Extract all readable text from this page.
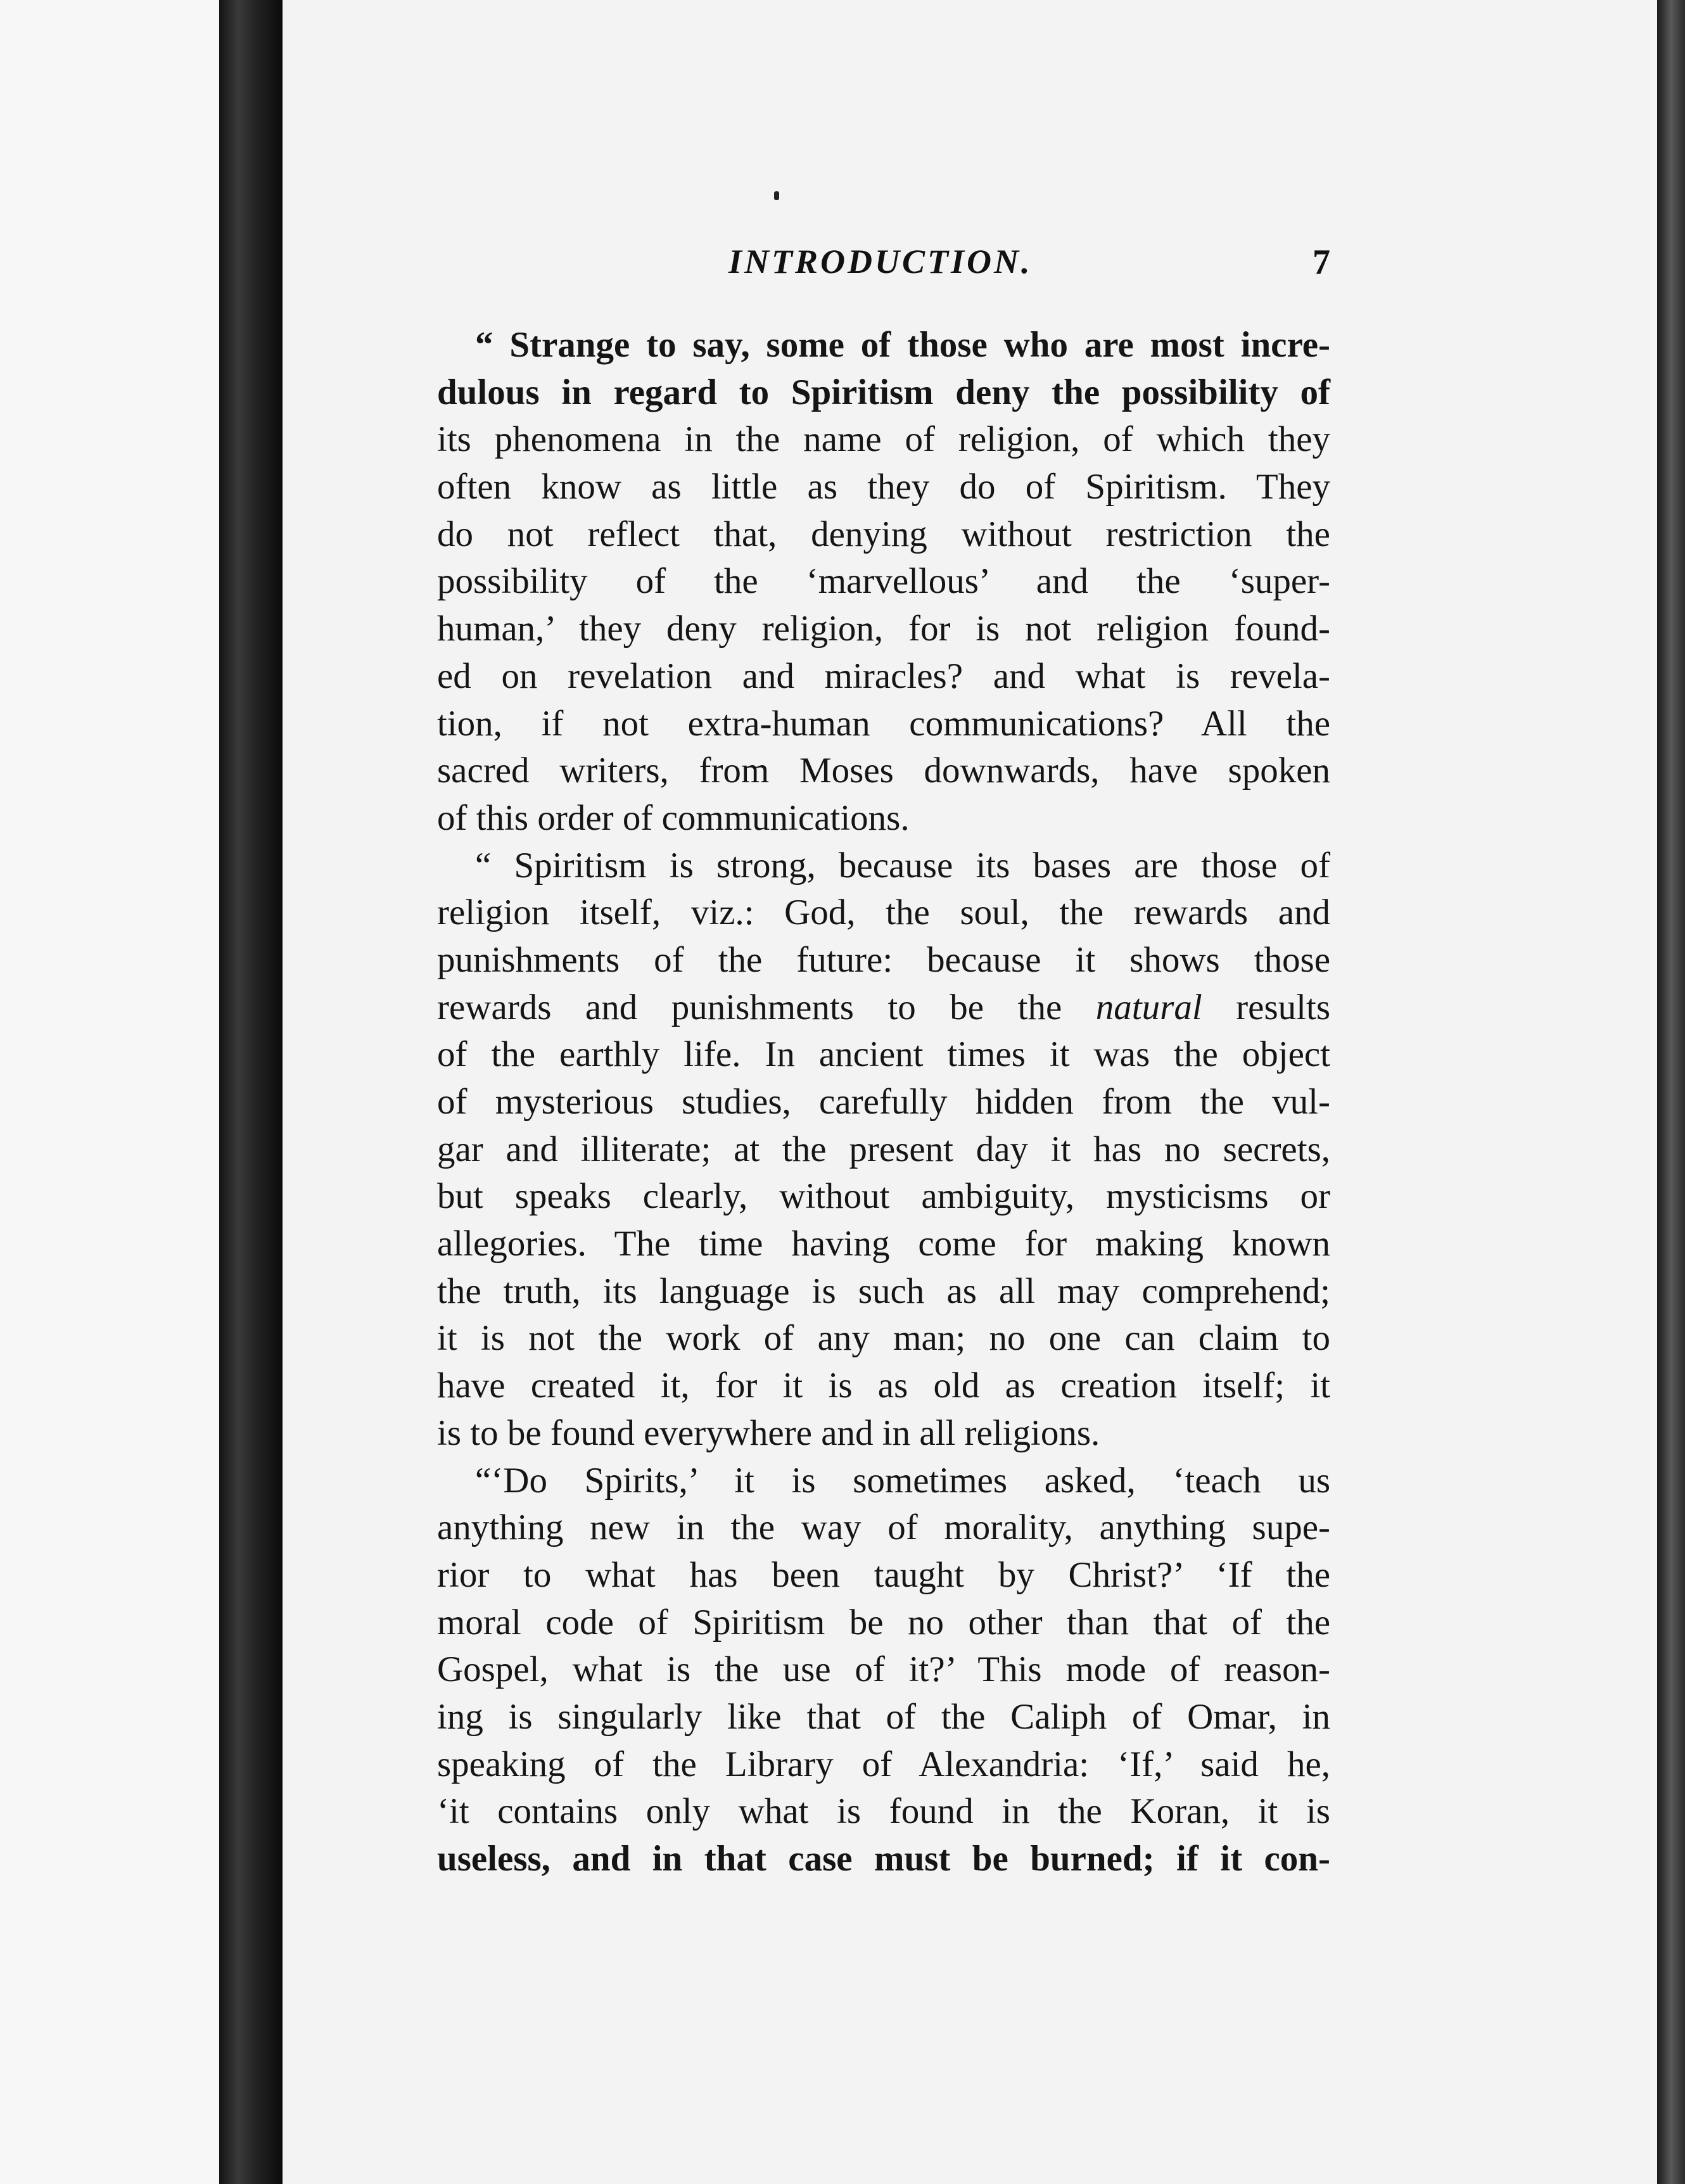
INTRODUCTION.	7
“ Strange to say, some of those who are most incre-
dulous in regard to Spiritism deny the possibility of
its phenomena in the name of religion, of which they
often know as little as they do of Spiritism. They
do not reflect that, denying without restriction the
possibility of the ‘marvellous’ and the ‘super-
human,’ they deny religion, for is not religion found-
ed on revelation and miracles? and what is revela-
tion, if not extra-human communications? All the
sacred writers, from Moses downwards, have spoken
of this order of communications.
“ Spiritism is strong, because its bases are those of
religion itself, viz.: God, the soul, the rewards and
punishments of the future: because it shows those
rewards and punishments to be the natural results
of the earthly life. In ancient times it was the object
of mysterious studies, carefully hidden from the vul-
gar and illiterate; at the present day it has no secrets,
but speaks clearly, without ambiguity, mysticisms or
allegories. The time having come for making known
the truth, its language is such as all may comprehend;
it is not the work of any man; no one can claim to
have created it, for it is as old as creation itself; it
is to be found everywhere and in all religions.
“‘Do Spirits,’ it is sometimes asked, ‘teach us
anything new in the way of morality, anything supe-
rior to what has been taught by Christ?’ ‘If the
moral code of Spiritism be no other than that of the
Gospel, what is the use of it?’ This mode of reason-
ing is singularly like that of the Caliph of Omar, in
speaking of the Library of Alexandria: ‘If,’ said he,
‘it contains only what is found in the Koran, it is
useless, and in that case must be burned; if it con-
